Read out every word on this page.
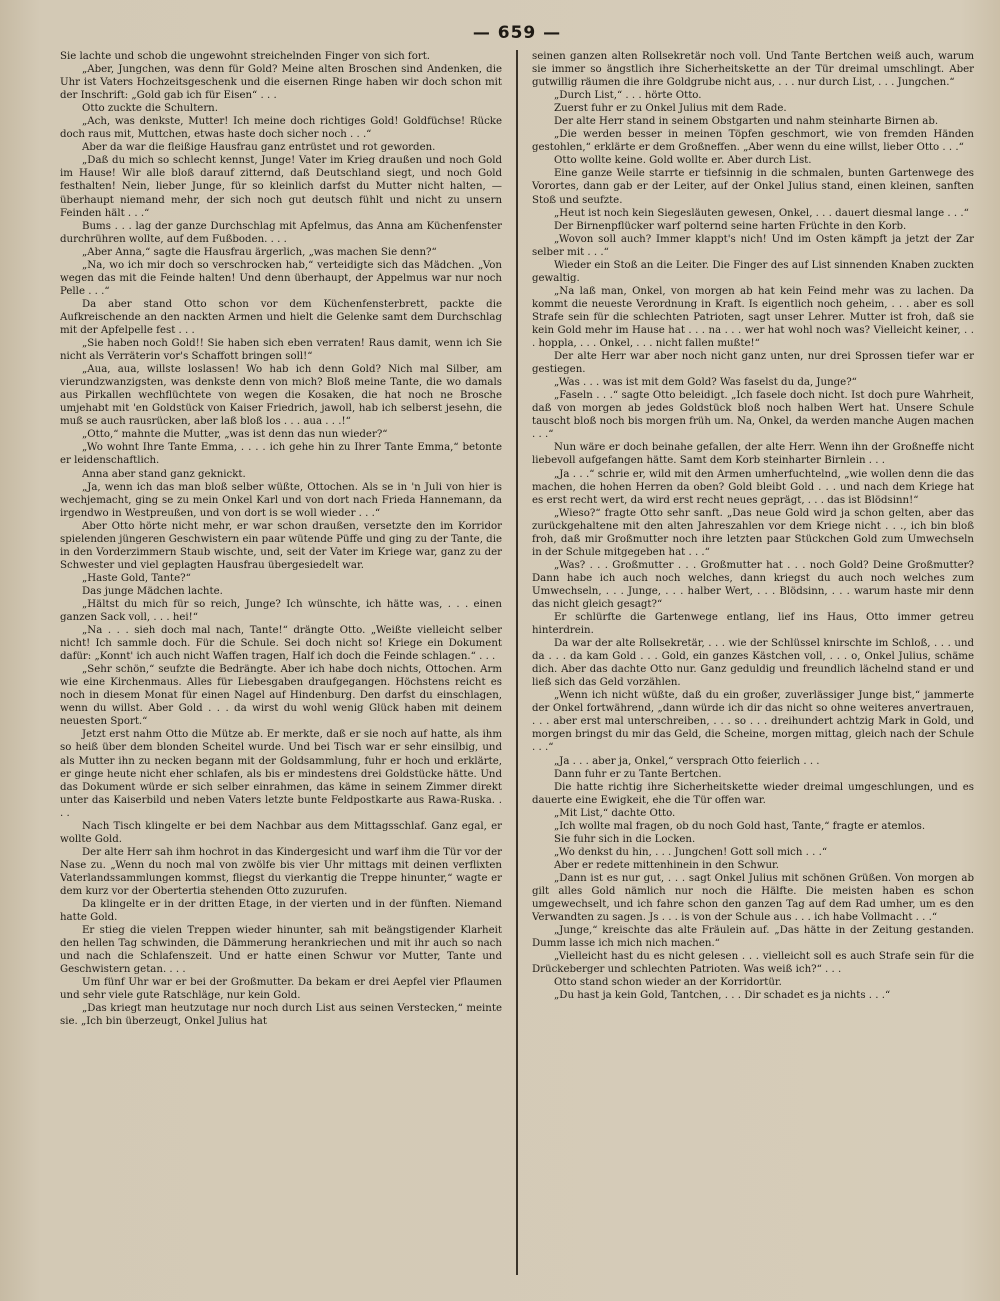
— 659 —

Sie lachte und schob die ungewohnt streichelnden Finger von sich fort.

„Aber, Jungchen, was denn für Gold? Meine alten Broschen sind Andenken, die Uhr ist Vaters Hochzeitsgeschenk und die eisernen Ringe haben wir doch schon mit der Inschrift: „Gold gab ich für Eisen“ . . .

Otto zuckte die Schultern.

„Ach, was denkste, Mutter! Ich meine doch richtiges Gold! Goldfüchse! Rücke doch raus mit, Muttchen, etwas haste doch sicher noch . . .“

Aber da war die fleißige Hausfrau ganz entrüstet und rot geworden.

„Daß du mich so schlecht kennst, Junge! Vater im Krieg draußen und noch Gold im Hause! Wir alle bloß darauf zitternd, daß Deutschland siegt, und noch Gold festhalten! Nein, lieber Junge, für so kleinlich darfst du Mutter nicht halten, — überhaupt niemand mehr, der sich noch gut deutsch fühlt und nicht zu unsern Feinden hält . . .“

Bums . . . lag der ganze Durchschlag mit Apfelmus, das Anna am Küchenfenster durchrühren wollte, auf dem Fußboden. . . .

„Aber Anna,“ sagte die Hausfrau ärgerlich, „was machen Sie denn?“

„Na, wo ich mir doch so verschrocken hab,“ verteidigte sich das Mädchen. „Von wegen das mit die Feinde halten! Und denn überhaupt, der Appelmus war nur noch Pelle . . .“

Da aber stand Otto schon vor dem Küchenfensterbrett, packte die Aufkreischende an den nackten Armen und hielt die Gelenke samt dem Durchschlag mit der Apfelpelle fest . . .

„Sie haben noch Gold!! Sie haben sich eben verraten! Raus damit, wenn ich Sie nicht als Verräterin vor's Schaffott bringen soll!“

„Aua, aua, willste loslassen! Wo hab ich denn Gold? Nich mal Silber, am vierundzwanzigsten, was denkste denn von mich? Bloß meine Tante, die wo damals aus Pirkallen wechflüchtete von wegen die Kosaken, die hat noch ne Brosche umjehabt mit 'en Goldstück von Kaiser Friedrich, jawoll, hab ich selberst jesehn, die muß se auch rausrücken, aber laß bloß los . . . aua . . .!“

„Otto,“ mahnte die Mutter, „was ist denn das nun wieder?“

„Wo wohnt Ihre Tante Emma, . . . . ich gehe hin zu Ihrer Tante Emma,“ betonte er leidenschaftlich.

Anna aber stand ganz geknickt.

„Ja, wenn ich das man bloß selber wüßte, Ottochen. Als se in 'n Juli von hier is wechjemacht, ging se zu mein Onkel Karl und von dort nach Frieda Hannemann, da irgendwo in Westpreußen, und von dort is se woll wieder . . .“

Aber Otto hörte nicht mehr, er war schon draußen, versetzte den im Korridor spielenden jüngeren Geschwistern ein paar wütende Püffe und ging zu der Tante, die in den Vorderzimmern Staub wischte, und, seit der Vater im Kriege war, ganz zu der Schwester und viel geplagten Hausfrau übergesiedelt war.

„Haste Gold, Tante?“

Das junge Mädchen lachte.

„Hältst du mich für so reich, Junge? Ich wünschte, ich hätte was, . . . einen ganzen Sack voll, . . . hei!“

„Na . . . sieh doch mal nach, Tante!“ drängte Otto. „Weißte vielleicht selber nicht! Ich sammle doch. Für die Schule. Sei doch nicht so! Kriege ein Dokument dafür: „Konnt' ich auch nicht Waffen tragen, Half ich doch die Feinde schlagen.“ . . .

„Sehr schön,“ seufzte die Bedrängte. Aber ich habe doch nichts, Ottochen. Arm wie eine Kirchenmaus. Alles für Liebesgaben draufgegangen. Höchstens reicht es noch in diesem Monat für einen Nagel auf Hindenburg. Den darfst du einschlagen, wenn du willst. Aber Gold . . . da wirst du wohl wenig Glück haben mit deinem neuesten Sport.“

Jetzt erst nahm Otto die Mütze ab. Er merkte, daß er sie noch auf hatte, als ihm so heiß über dem blonden Scheitel wurde. Und bei Tisch war er sehr einsilbig, und als Mutter ihn zu necken begann mit der Goldsammlung, fuhr er hoch und erklärte, er ginge heute nicht eher schlafen, als bis er mindestens drei Goldstücke hätte. Und das Dokument würde er sich selber einrahmen, das käme in seinem Zimmer direkt unter das Kaiserbild und neben Vaters letzte bunte Feldpostkarte aus Rawa-Ruska. . . .

Nach Tisch klingelte er bei dem Nachbar aus dem Mittagsschlaf. Ganz egal, er wollte Gold.

Der alte Herr sah ihm hochrot in das Kindergesicht und warf ihm die Tür vor der Nase zu. „Wenn du noch mal von zwölfe bis vier Uhr mittags mit deinen verflixten Vaterlandssammlungen kommst, fliegst du vierkantig die Treppe hinunter,“ wagte er dem kurz vor der Obertertia stehenden Otto zuzurufen.

Da klingelte er in der dritten Etage, in der vierten und in der fünften. Niemand hatte Gold.

Er stieg die vielen Treppen wieder hinunter, sah mit beängstigender Klarheit den hellen Tag schwinden, die Dämmerung herankriechen und mit ihr auch so nach und nach die Schlafenszeit. Und er hatte einen Schwur vor Mutter, Tante und Geschwistern getan. . . .

Um fünf Uhr war er bei der Großmutter. Da bekam er drei Aepfel vier Pflaumen und sehr viele gute Ratschläge, nur kein Gold.

„Das kriegt man heutzutage nur noch durch List aus seinen Verstecken,“ meinte sie. „Ich bin überzeugt, Onkel Julius hat

seinen ganzen alten Rollsekretär noch voll. Und Tante Bertchen weiß auch, warum sie immer so ängstlich ihre Sicherheitskette an der Tür dreimal umschlingt. Aber gutwillig räumen die ihre Goldgrube nicht aus, . . . nur durch List, . . . Jungchen.“

„Durch List,“ . . . hörte Otto.

Zuerst fuhr er zu Onkel Julius mit dem Rade.

Der alte Herr stand in seinem Obstgarten und nahm steinharte Birnen ab.

„Die werden besser in meinen Töpfen geschmort, wie von fremden Händen gestohlen,“ erklärte er dem Großneffen. „Aber wenn du eine willst, lieber Otto . . .“

Otto wollte keine. Gold wollte er. Aber durch List.

Eine ganze Weile starrte er tiefsinnig in die schmalen, bunten Gartenwege des Vorortes, dann gab er der Leiter, auf der Onkel Julius stand, einen kleinen, sanften Stoß und seufzte.

„Heut ist noch kein Siegesläuten gewesen, Onkel, . . . dauert diesmal lange . . .“

Der Birnenpflücker warf polternd seine harten Früchte in den Korb.

„Wovon soll auch? Immer klappt's nich! Und im Osten kämpft ja jetzt der Zar selber mit . . .“

Wieder ein Stoß an die Leiter. Die Finger des auf List sinnenden Knaben zuckten gewaltig.

„Na laß man, Onkel, von morgen ab hat kein Feind mehr was zu lachen. Da kommt die neueste Verordnung in Kraft. Is eigentlich noch geheim, . . . aber es soll Strafe sein für die schlechten Patrioten, sagt unser Lehrer. Mutter ist froh, daß sie kein Gold mehr im Hause hat . . . na . . . wer hat wohl noch was? Vielleicht keiner, . . . hoppla, . . . Onkel, . . . nicht fallen mußte!“

Der alte Herr war aber noch nicht ganz unten, nur drei Sprossen tiefer war er gestiegen.

„Was . . . was ist mit dem Gold? Was faselst du da, Junge?“

„Faseln . . .“ sagte Otto beleidigt. „Ich fasele doch nicht. Ist doch pure Wahrheit, daß von morgen ab jedes Goldstück bloß noch halben Wert hat. Unsere Schule tauscht bloß noch bis morgen früh um. Na, Onkel, da werden manche Augen machen . . .“

Nun wäre er doch beinahe gefallen, der alte Herr. Wenn ihn der Großneffe nicht liebevoll aufgefangen hätte. Samt dem Korb steinharter Birnlein . . .

„Ja . . .“ schrie er, wild mit den Armen umherfuchtelnd, „wie wollen denn die das machen, die hohen Herren da oben? Gold bleibt Gold . . . und nach dem Kriege hat es erst recht wert, da wird erst recht neues geprägt, . . . das ist Blödsinn!“

„Wieso?“ fragte Otto sehr sanft. „Das neue Gold wird ja schon gelten, aber das zurückgehaltene mit den alten Jahreszahlen vor dem Kriege nicht . . ., ich bin bloß froh, daß mir Großmutter noch ihre letzten paar Stückchen Gold zum Umwechseln in der Schule mitgegeben hat . . .“

„Was? . . . Großmutter . . . Großmutter hat . . . noch Gold? Deine Großmutter? Dann habe ich auch noch welches, dann kriegst du auch noch welches zum Umwechseln, . . . Junge, . . . halber Wert, . . . Blödsinn, . . . warum haste mir denn das nicht gleich gesagt?“

Er schlürfte die Gartenwege entlang, lief ins Haus, Otto immer getreu hinterdrein.

Da war der alte Rollsekretär, . . . wie der Schlüssel knirschte im Schloß, . . . und da . . . da kam Gold . . . Gold, ein ganzes Kästchen voll, . . . o, Onkel Julius, schäme dich. Aber das dachte Otto nur. Ganz geduldig und freundlich lächelnd stand er und ließ sich das Geld vorzählen.

„Wenn ich nicht wüßte, daß du ein großer, zuverlässiger Junge bist,“ jammerte der Onkel fortwährend, „dann würde ich dir das nicht so ohne weiteres anvertrauen, . . . aber erst mal unterschreiben, . . . so . . . dreihundert achtzig Mark in Gold, und morgen bringst du mir das Geld, die Scheine, morgen mittag, gleich nach der Schule . . .“

„Ja . . . aber ja, Onkel,“ versprach Otto feierlich . . .

Dann fuhr er zu Tante Bertchen.

Die hatte richtig ihre Sicherheitskette wieder dreimal umgeschlungen, und es dauerte eine Ewigkeit, ehe die Tür offen war.

„Mit List,“ dachte Otto.

„Ich wollte mal fragen, ob du noch Gold hast, Tante,“ fragte er atemlos.

Sie fuhr sich in die Locken.

„Wo denkst du hin, . . . Jungchen! Gott soll mich . . .“

Aber er redete mittenhinein in den Schwur.

„Dann ist es nur gut, . . . sagt Onkel Julius mit schönen Grüßen. Von morgen ab gilt alles Gold nämlich nur noch die Hälfte. Die meisten haben es schon umgewechselt, und ich fahre schon den ganzen Tag auf dem Rad umher, um es den Verwandten zu sagen. Js . . . is von der Schule aus . . . ich habe Vollmacht . . .“

„Junge,“ kreischte das alte Fräulein auf. „Das hätte in der Zeitung gestanden. Dumm lasse ich mich nich machen.“

„Vielleicht hast du es nicht gelesen . . . vielleicht soll es auch Strafe sein für die Drückeberger und schlechten Patrioten. Was weiß ich?“ . . .

Otto stand schon wieder an der Korridortür.

„Du hast ja kein Gold, Tantchen, . . . Dir schadet es ja nichts . . .“
